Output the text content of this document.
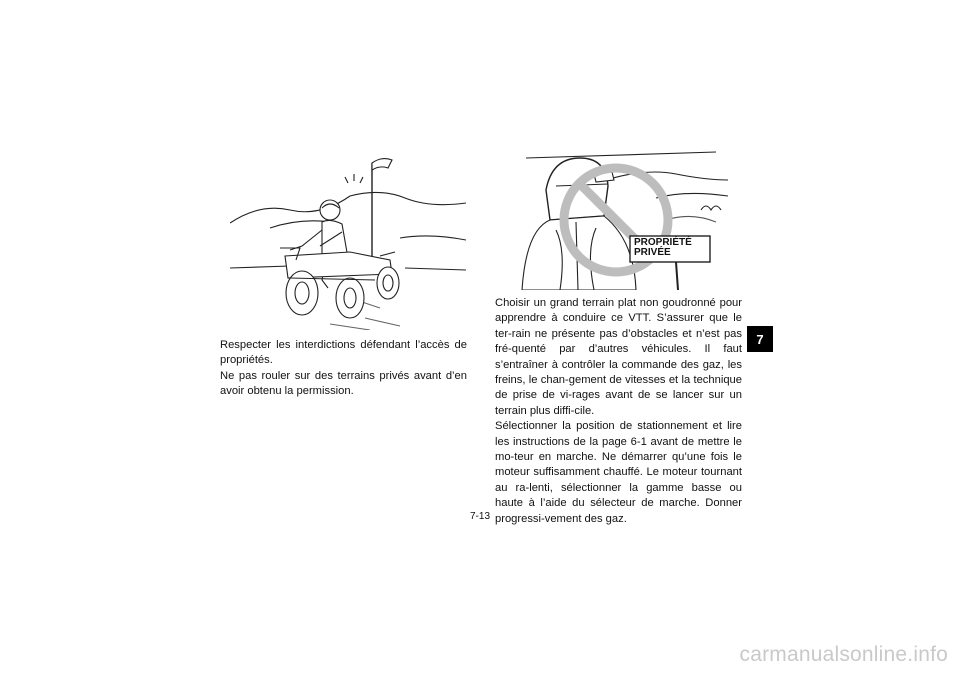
PROPRIÉTÉ
PRIVÉE

Respecter les interdictions défendant l’accès de propriétés.

Ne pas rouler sur des terrains privés avant d’en avoir obtenu la permission.

Choisir un grand terrain plat non goudronné pour apprendre à conduire ce VTT. S’assurer que le ter-rain ne présente pas d’obstacles et n’est pas fré-quenté par d’autres véhicules. Il faut s’entraîner à contrôler la commande des gaz, les freins, le chan-gement de vitesses et la technique de prise de vi-rages avant de se lancer sur un terrain plus diffi-cile.

Sélectionner la position de stationnement et lire les instructions de la page 6-1 avant de mettre le mo-teur en marche. Ne démarrer qu’une fois le moteur suffisamment chauffé. Le moteur tournant au ra-lenti, sélectionner la gamme basse ou haute à l’aide du sélecteur de marche. Donner progressi-vement des gaz.

7-13
7
carmanualsonline.info
